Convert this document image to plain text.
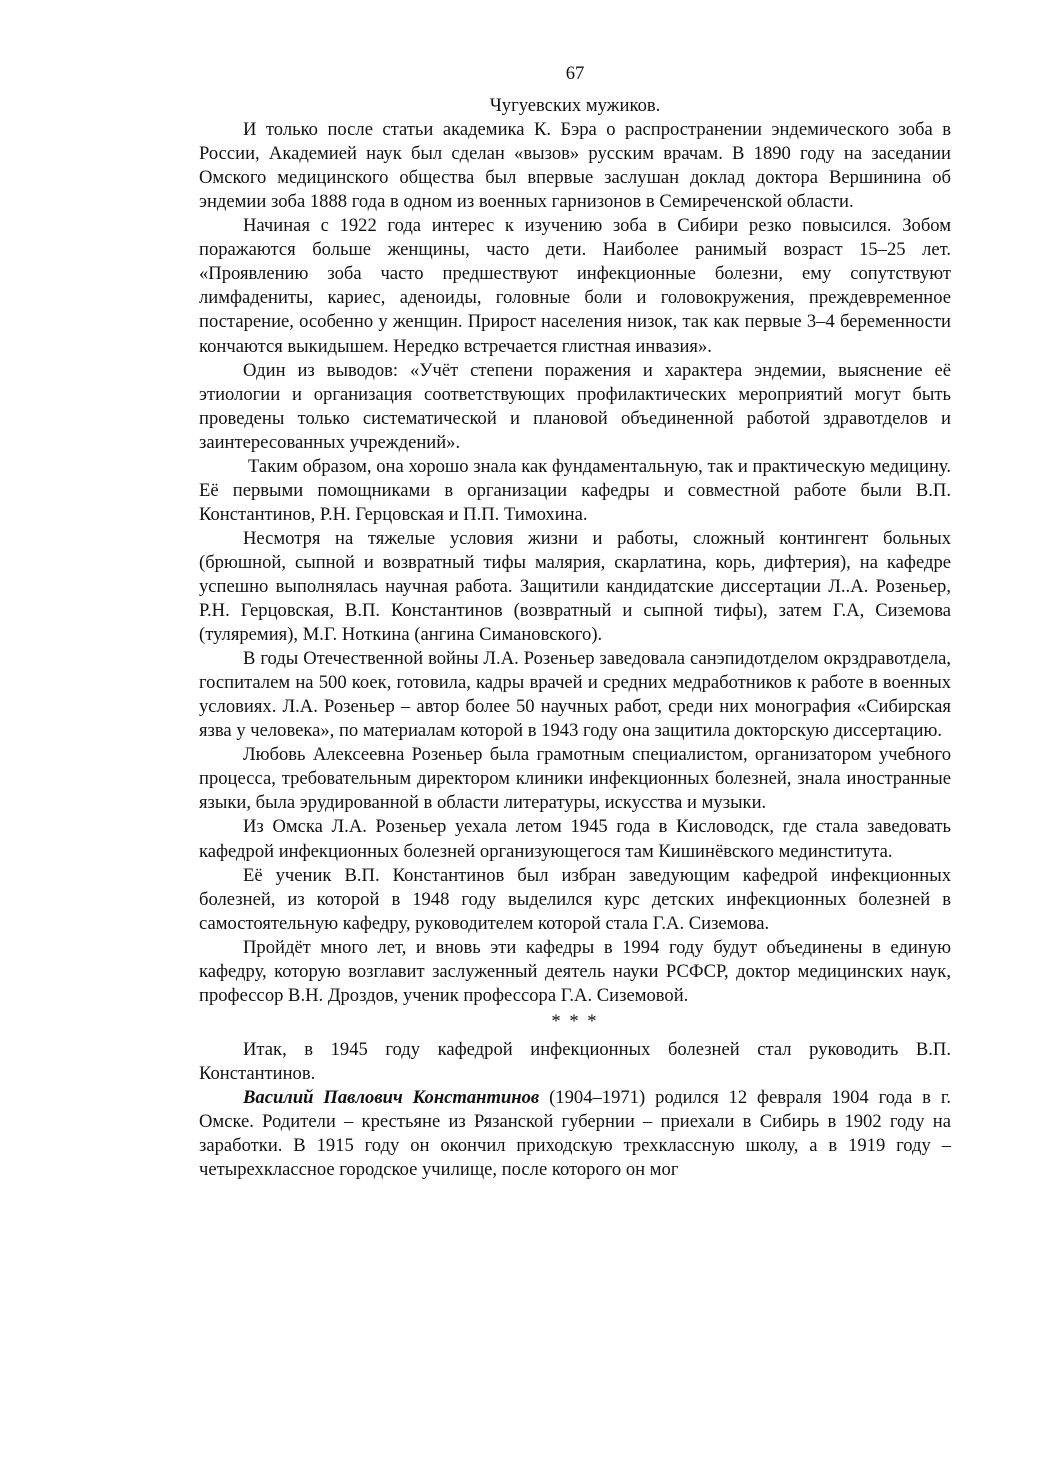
67

Чугуевских мужиков.

И только после статьи академика К. Бэра о распространении эндемического зоба в России, Академией наук был сделан «вызов» русским врачам. В 1890 году на заседании Омского медицинского общества был впервые заслушан доклад доктора Вершинина об эндемии зоба 1888 года в одном из военных гарнизонов в Семиреченской области.

Начиная с 1922 года интерес к изучению зоба в Сибири резко повысился. Зобом поражаются больше женщины, часто дети. Наиболее ранимый возраст 15–25 лет. «Проявлению зоба часто предшествуют инфекционные болезни, ему сопутствуют лимфадениты, кариес, аденоиды, головные боли и головокружения, преждевременное постарение, особенно у женщин. Прирост населения низок, так как первые 3–4 беременности кончаются выкидышем. Нередко встречается глистная инвазия».

Один из выводов: «Учёт степени поражения и характера эндемии, выяснение её этиологии и организация соответствующих профилактических мероприятий могут быть проведены только систематической и плановой объединенной работой здравотделов и заинтересованных учреждений».

Таким образом, она хорошо знала как фундаментальную, так и практическую медицину. Её первыми помощниками в организации кафедры и совместной работе были В.П. Константинов, Р.Н. Герцовская и П.П. Тимохина.

Несмотря на тяжелые условия жизни и работы, сложный контингент больных (брюшной, сыпной и возвратный тифы малярия, скарлатина, корь, дифтерия), на кафедре успешно выполнялась научная работа. Защитили кандидатские диссертации Л..А. Розеньер, Р.Н. Герцовская, В.П. Константинов (возвратный и сыпной тифы), затем Г.А, Сиземова (туляремия), М.Г. Ноткина (ангина Симановского).

В годы Отечественной войны Л.А. Розеньер заведовала санэпидотделом окрздравотдела, госпиталем на 500 коек, готовила, кадры врачей и средних медработников к работе в военных условиях. Л.А. Розеньер – автор более 50 научных работ, среди них монография «Сибирская язва у человека», по материалам которой в 1943 году она защитила докторскую диссертацию.

Любовь Алексеевна Розеньер была грамотным специалистом, организатором учебного процесса, требовательным директором клиники инфекционных болезней, знала иностранные языки, была эрудированной в области литературы, искусства и музыки.

Из Омска Л.А. Розеньер уехала летом 1945 года в Кисловодск, где стала заведовать кафедрой инфекционных болезней организующегося там Кишинёвского мединститута.

Её ученик В.П. Константинов был избран заведующим кафедрой инфекционных болезней, из которой в 1948 году выделился курс детских инфекционных болезней в самостоятельную кафедру, руководителем которой стала Г.А. Сиземова.

Пройдёт много лет, и вновь эти кафедры в 1994 году будут объединены в единую кафедру, которую возглавит заслуженный деятель науки РСФСР, доктор медицинских наук, профессор В.Н. Дроздов, ученик профессора Г.А. Сиземовой.

* * *

Итак, в 1945 году кафедрой инфекционных болезней стал руководить В.П. Константинов.

Василий Павлович Константинов (1904–1971) родился 12 февраля 1904 года в г. Омске. Родители – крестьяне из Рязанской губернии – приехали в Сибирь в 1902 году на заработки. В 1915 году он окончил приходскую трехклассную школу, а в 1919 году – четырехклассное городское училище, после которого он мог
